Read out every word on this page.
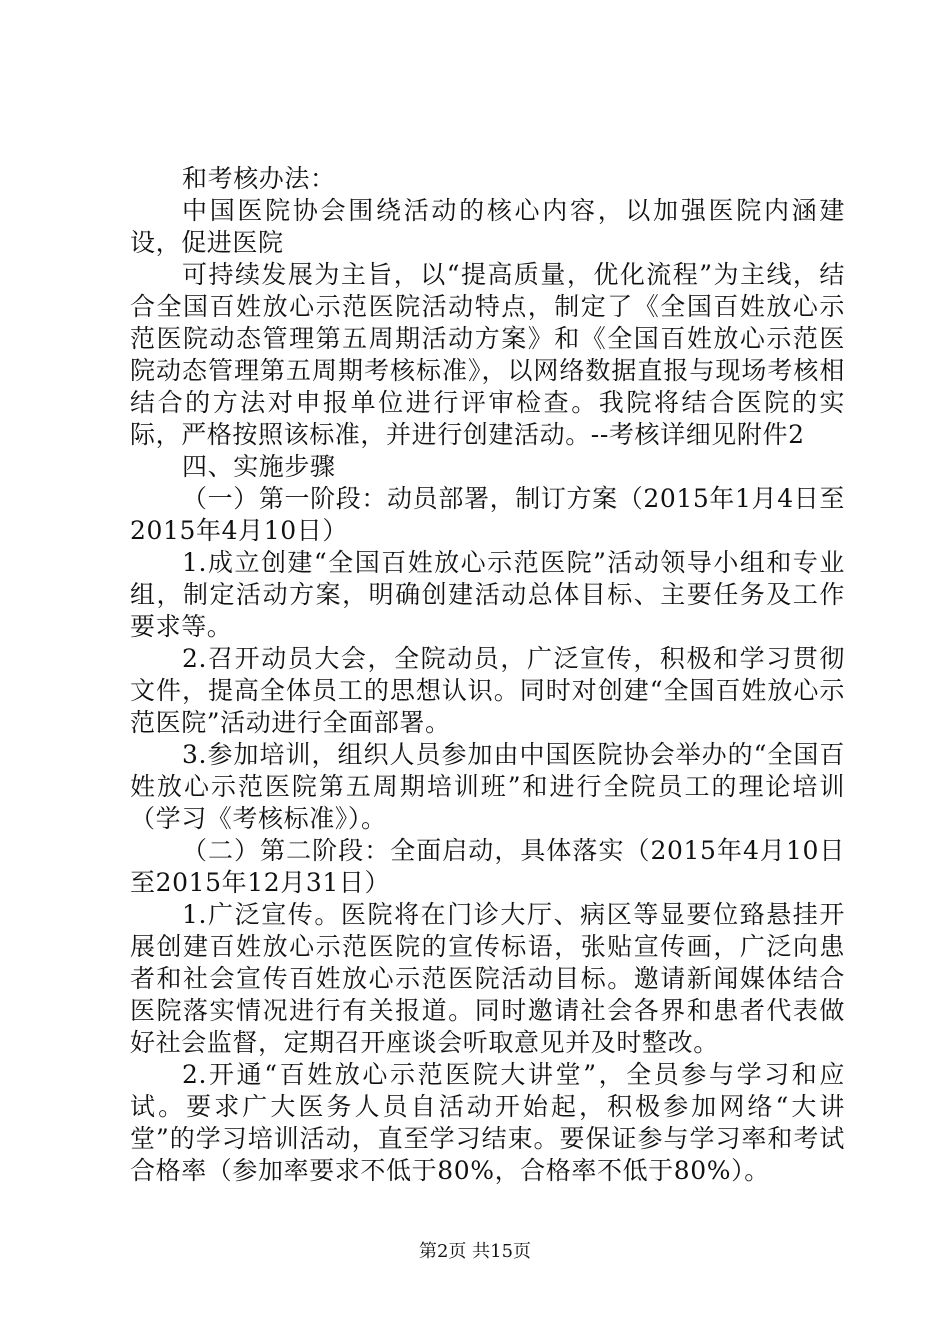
和考核办法：

中国医院协会围绕活动的核心内容，以加强医院内涵建设，促进医院

可持续发展为主旨，以“提高质量，优化流程”为主线，结合全国百姓放心示范医院活动特点，制定了《全国百姓放心示范医院动态管理第五周期活动方案》和《全国百姓放心示范医院动态管理第五周期考核标准》，以网络数据直报与现场考核相结合的方法对申报单位进行评审检查。我院将结合医院的实际，严格按照该标准，并进行创建活动。--考核详细见附件2

四、实施步骤

（一）第一阶段：动员部署，制订方案（2015年1月4日至2015年4月10日）

1.成立创建“全国百姓放心示范医院”活动领导小组和专业组，制定活动方案，明确创建活动总体目标、主要任务及工作要求等。

2.召开动员大会，全院动员，广泛宣传，积极和学习贯彻文件，提高全体员工的思想认识。同时对创建“全国百姓放心示范医院”活动进行全面部署。

3.参加培训，组织人员参加由中国医院协会举办的“全国百姓放心示范医院第五周期培训班”和进行全院员工的理论培训（学习《考核标准》）。

（二）第二阶段：全面启动，具体落实（2015年4月10日至2015年12月31日）

1.广泛宣传。医院将在门诊大厅、病区等显要位臵悬挂开展创建百姓放心示范医院的宣传标语，张贴宣传画，广泛向患者和社会宣传百姓放心示范医院活动目标。邀请新闻媒体结合医院落实情况进行有关报道。同时邀请社会各界和患者代表做好社会监督，定期召开座谈会听取意见并及时整改。

2.开通“百姓放心示范医院大讲堂”，全员参与学习和应试。要求广大医务人员自活动开始起，积极参加网络“大讲堂”的学习培训活动，直至学习结束。要保证参与学习率和考试合格率（参加率要求不低于80%，合格率不低于80%）。

第2页 共15页
